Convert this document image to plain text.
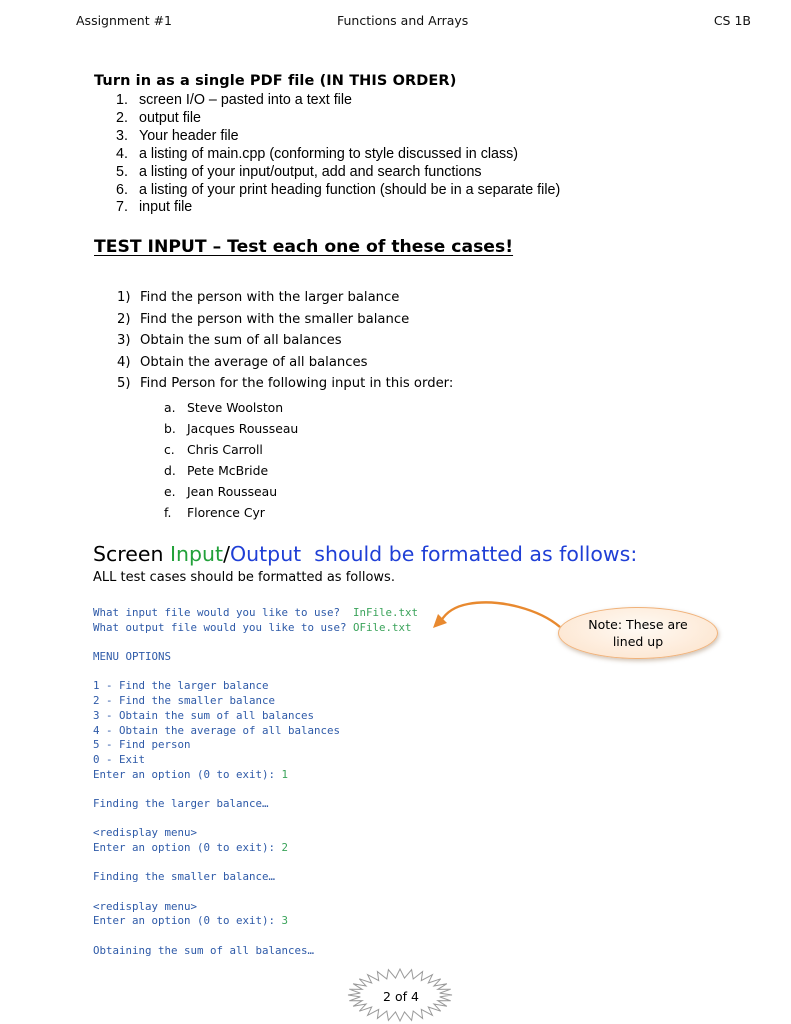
Assignment #1	Functions and Arrays	CS 1B
Turn in as a single PDF file (IN THIS ORDER)
1. screen I/O – pasted into a text file
2. output file
3. Your header file
4. a listing of main.cpp (conforming to style discussed in class)
5. a listing of your input/output, add and search functions
6. a listing of your print heading function (should be in a separate file)
7. input file
TEST INPUT – Test each one of these cases!
1) Find the person with the larger balance
2) Find the person with the smaller balance
3) Obtain the sum of all balances
4) Obtain the average of all balances
5) Find Person for the following input in this order:
a. Steve Woolston
b. Jacques Rousseau
c. Chris Carroll
d. Pete McBride
e. Jean Rousseau
f. Florence Cyr
Screen Input/Output  should be formatted as follows:
ALL test cases should be formatted as follows.
What input file would you like to use?  InFile.txt
What output file would you like to use? OFile.txt
MENU OPTIONS
1 - Find the larger balance
2 - Find the smaller balance
3 - Obtain the sum of all balances
4 - Obtain the average of all balances
5 - Find person
0 - Exit
Enter an option (0 to exit): 1
Finding the larger balance…
<redisplay menu>
Enter an option (0 to exit): 2
Finding the smaller balance…
<redisplay menu>
Enter an option (0 to exit): 3
Obtaining the sum of all balances…
Note: These are lined up
2 of 4
